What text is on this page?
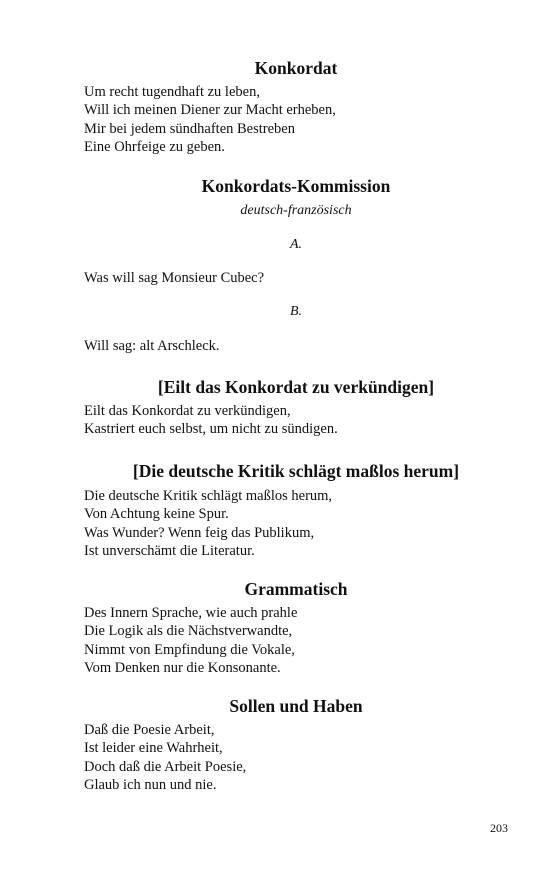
Konkordat
Um recht tugendhaft zu leben,
Will ich meinen Diener zur Macht erheben,
Mir bei jedem sündhaften Bestreben
Eine Ohrfeige zu geben.
Konkordats-Kommission
deutsch-französisch
A.
Was will sag Monsieur Cubec?
B.
Will sag: alt Arschleck.
[Eilt das Konkordat zu verkündigen]
Eilt das Konkordat zu verkündigen,
Kastriert euch selbst, um nicht zu sündigen.
[Die deutsche Kritik schlägt maßlos herum]
Die deutsche Kritik schlägt maßlos herum,
Von Achtung keine Spur.
Was Wunder? Wenn feig das Publikum,
Ist unverschämt die Literatur.
Grammatisch
Des Innern Sprache, wie auch prahle
Die Logik als die Nächstverwandte,
Nimmt von Empfindung die Vokale,
Vom Denken nur die Konsonante.
Sollen und Haben
Daß die Poesie Arbeit,
Ist leider eine Wahrheit,
Doch daß die Arbeit Poesie,
Glaub ich nun und nie.
203
